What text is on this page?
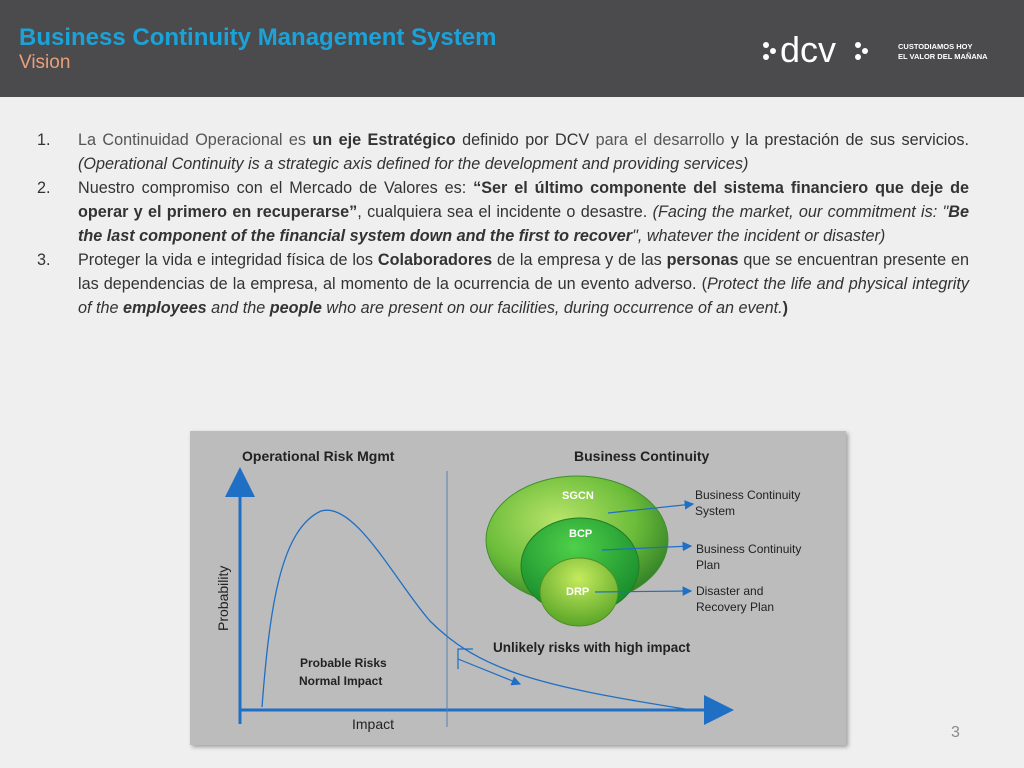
Business Continuity Management System
Vision	dcv	CUSTODIAMOS HOY
EL VALOR DEL MAÑANA
1. La Continuidad Operacional es un eje Estratégico definido por DCV para el desarrollo y la prestación de sus servicios. (Operational Continuity is a strategic axis defined for the development and providing services)
2. Nuestro compromiso con el Mercado de Valores es: “Ser el último componente del sistema financiero que deje de operar y el primero en recuperarse”, cualquiera sea el incidente o desastre. (Facing the market, our commitment is: "Be the last component of the financial system down and the first to recover", whatever the incident or disaster)
3. Proteger la vida e integridad física de los Colaboradores de la empresa y de las personas que se encuentran presente en las dependencias de la empresa, al momento de la ocurrencia de un evento adverso. (Protect the life and physical integrity of the employees and the people who are present on our facilities, during occurrence of an event.)
Operational Risk Mgmt	Business Continuity
Probability
Impact
Probable Risks
Normal Impact
Unlikely risks with high impact
SGCN
BCP
DRP
Business Continuity
System
Business Continuity
Plan
Disaster and
Recovery Plan
3
